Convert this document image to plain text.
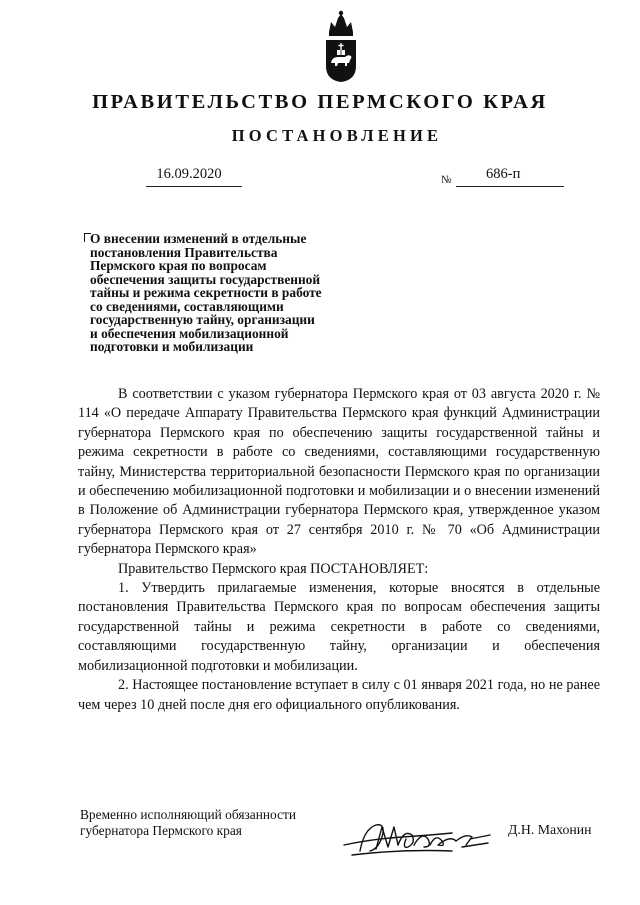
ПРАВИТЕЛЬСТВО ПЕРМСКОГО КРАЯ
ПОСТАНОВЛЕНИЕ
16.09.2020	№ 686-п
О внесении изменений в отдельные
постановления Правительства
Пермского края по вопросам
обеспечения защиты государственной
тайны и режима секретности в работе
со сведениями, составляющими
государственную тайну, организации
и обеспечения мобилизационной
подготовки и мобилизации

В соответствии с указом губернатора Пермского края от 03 августа 2020 г. № 114 «О передаче Аппарату Правительства Пермского края функций Администрации губернатора Пермского края по обеспечению защиты государственной тайны и режима секретности в работе со сведениями, составляющими государственную тайну, Министерства территориальной безопасности Пермского края по организации и обеспечению мобилизационной подготовки и мобилизации и о внесении изменений в Положение об Администрации губернатора Пермского края, утвержденное указом губернатора Пермского края от 27 сентября 2010 г. № 70 «Об Администрации губернатора Пермского края»

Правительство Пермского края ПОСТАНОВЛЯЕТ:

1. Утвердить прилагаемые изменения, которые вносятся в отдельные постановления Правительства Пермского края по вопросам обеспечения защиты государственной тайны и режима секретности в работе со сведениями, составляющими государственную тайну, организации и обеспечения мобилизационной подготовки и мобилизации.

2. Настоящее постановление вступает в силу с 01 января 2021 года, но не ранее чем через 10 дней после дня его официального опубликования.

Временно исполняющий обязанности
губернатора Пермского края	Д.Н. Махонин
